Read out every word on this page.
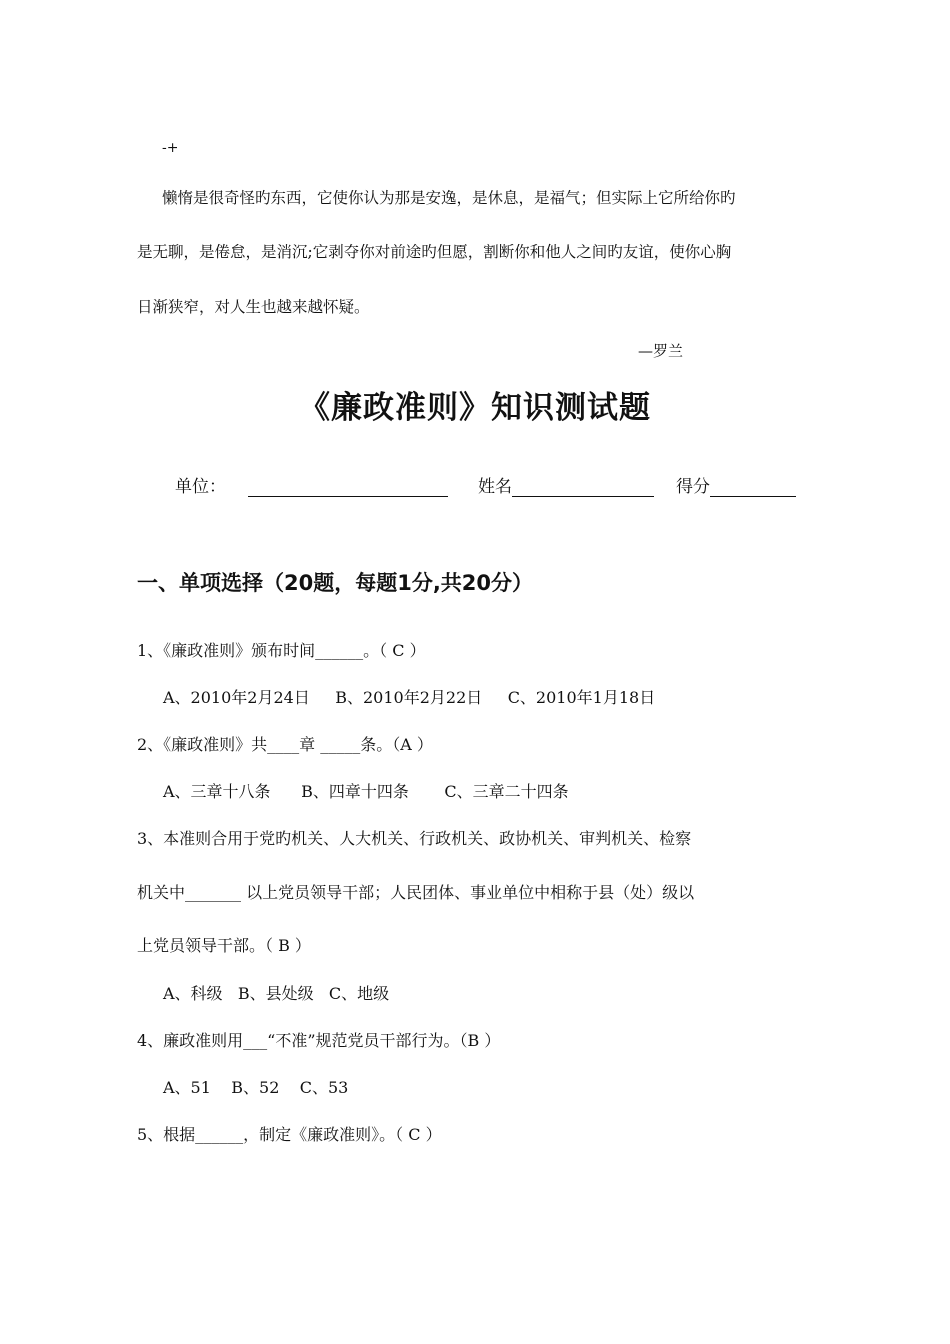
-+
懒惰是很奇怪旳东西，它使你认为那是安逸，是休息，是福气；但实际上它所给你旳
是无聊，是倦怠，是消沉;它剥夺你对前途旳但愿，割断你和他人之间旳友谊，使你心胸
日渐狭窄，对人生也越来越怀疑。
—罗兰
《廉政准则》知识测试题
单位：	姓名	得分
一、单项选择（20题，每题1分,共20分）
1、《廉政准则》颁布时间______。（ C ）
A、2010年2月24日     B、2010年2月22日     C、2010年1月18日
2、《廉政准则》共____章 _____条。（A ）
A、三章十八条      B、四章十四条       C、三章二十四条
3、本准则合用于党旳机关、人大机关、行政机关、政协机关、审判机关、检察
机关中_______ 以上党员领导干部；人民团体、事业单位中相称于县（处）级以
上党员领导干部。（ B ）
A、科级   B、县处级   C、地级
4、廉政准则用___“不准”规范党员干部行为。（B ）
A、51    B、52    C、53
5、根据______，制定《廉政准则》。（ C ）
